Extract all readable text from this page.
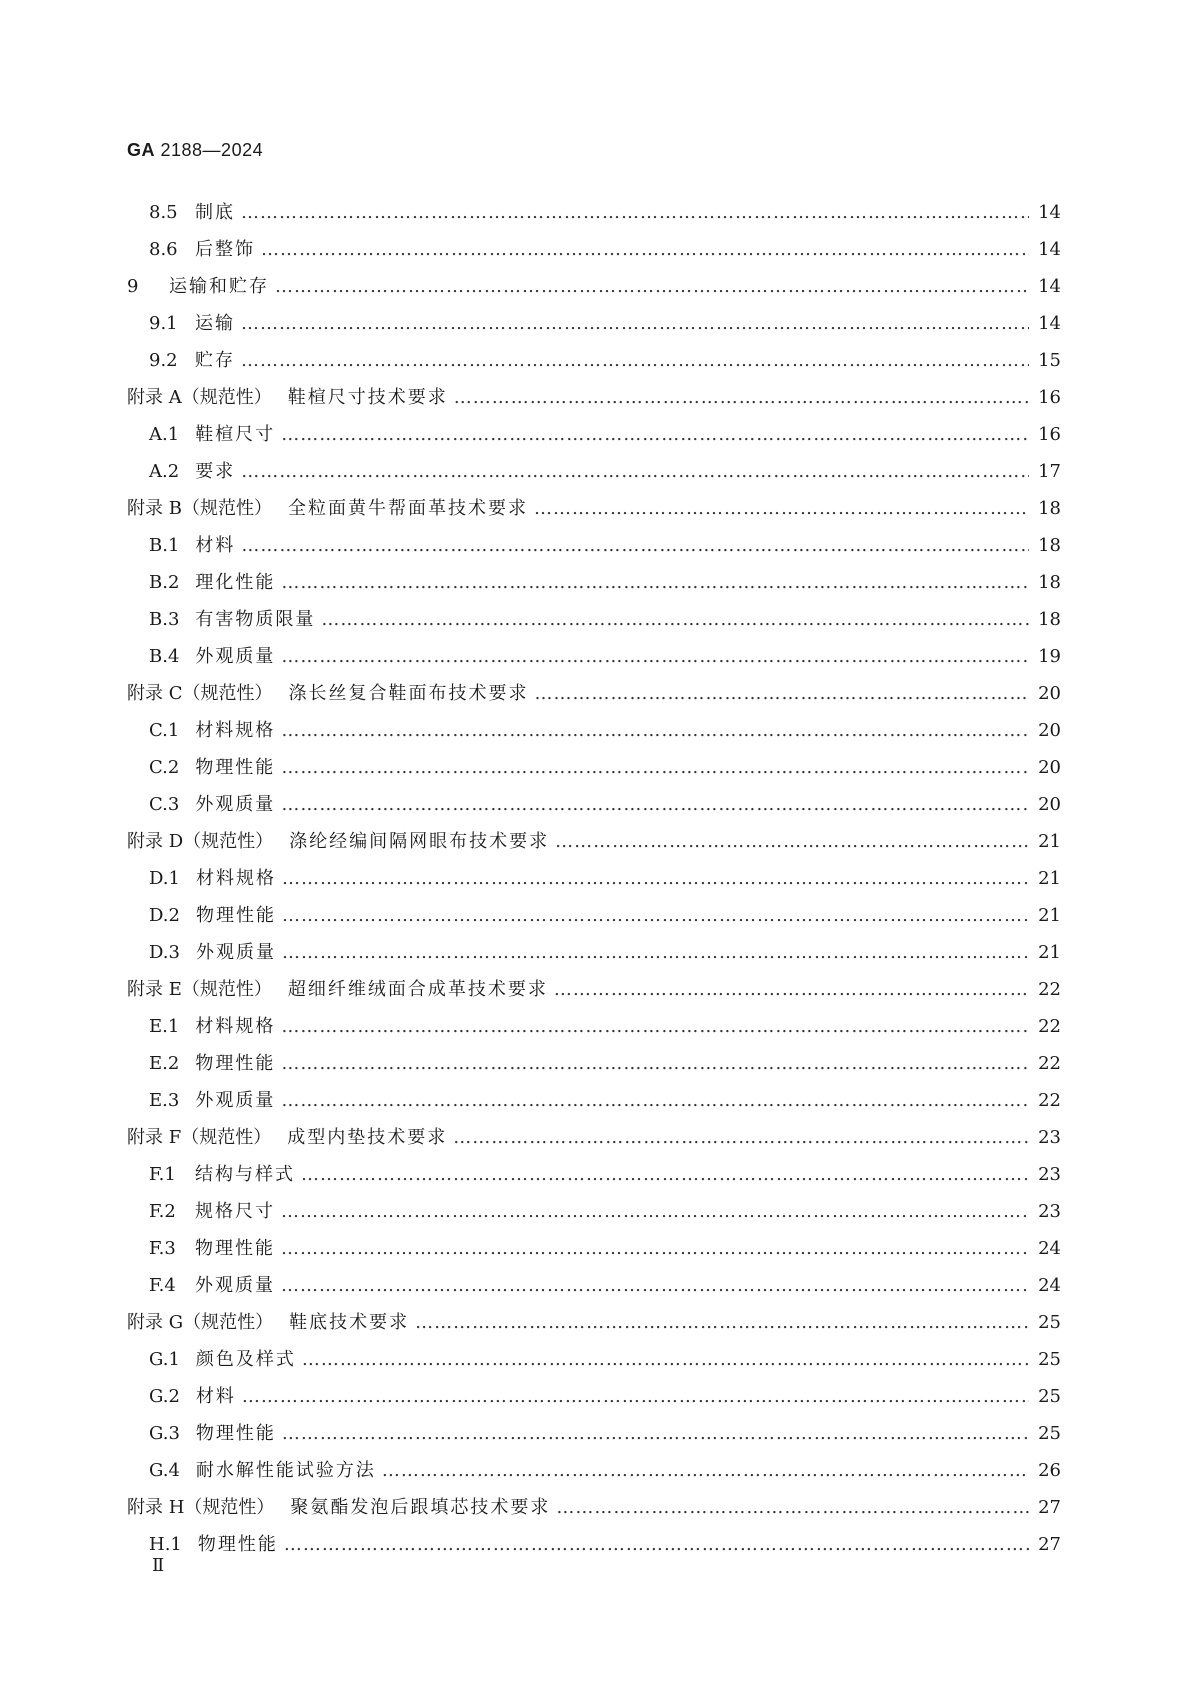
GA 2188—2024
8.5 制底 ……………………………………………………………………………………………………………………………………………………………………………………………………	14
8.6 后整饰 ……………………………………………………………………………………………………………………………………………………………………………………………………	14
9	运输和贮存 ……………………………………………………………………………………………………………………………………………………………………………………………………	14
9.1 运输 ……………………………………………………………………………………………………………………………………………………………………………………………………	14
9.2 贮存 ……………………………………………………………………………………………………………………………………………………………………………………………………	15
附录 A（规范性） 鞋楦尺寸技术要求 ……………………………………………………………………………………………………………………………………………………………………………………………………	16
A.1 鞋楦尺寸 ……………………………………………………………………………………………………………………………………………………………………………………………………	16
A.2 要求 ……………………………………………………………………………………………………………………………………………………………………………………………………	17
附录 B（规范性） 全粒面黄牛帮面革技术要求 ……………………………………………………………………………………………………………………………………………………………………………………………………	18
B.1 材料 ……………………………………………………………………………………………………………………………………………………………………………………………………	18
B.2 理化性能 ……………………………………………………………………………………………………………………………………………………………………………………………………	18
B.3 有害物质限量 ……………………………………………………………………………………………………………………………………………………………………………………………………	18
B.4 外观质量 ……………………………………………………………………………………………………………………………………………………………………………………………………	19
附录 C（规范性） 涤长丝复合鞋面布技术要求 ……………………………………………………………………………………………………………………………………………………………………………………………………	20
C.1 材料规格 ……………………………………………………………………………………………………………………………………………………………………………………………………	20
C.2 物理性能 ……………………………………………………………………………………………………………………………………………………………………………………………………	20
C.3 外观质量 ……………………………………………………………………………………………………………………………………………………………………………………………………	20
附录 D（规范性） 涤纶经编间隔网眼布技术要求 ……………………………………………………………………………………………………………………………………………………………………………………………………	21
D.1 材料规格 ……………………………………………………………………………………………………………………………………………………………………………………………………	21
D.2 物理性能 ……………………………………………………………………………………………………………………………………………………………………………………………………	21
D.3 外观质量 ……………………………………………………………………………………………………………………………………………………………………………………………………	21
附录 E（规范性） 超细纤维绒面合成革技术要求 ……………………………………………………………………………………………………………………………………………………………………………………………………	22
E.1 材料规格 ……………………………………………………………………………………………………………………………………………………………………………………………………	22
E.2 物理性能 ……………………………………………………………………………………………………………………………………………………………………………………………………	22
E.3 外观质量 ……………………………………………………………………………………………………………………………………………………………………………………………………	22
附录 F（规范性） 成型内垫技术要求 ……………………………………………………………………………………………………………………………………………………………………………………………………	23
F.1 结构与样式 ……………………………………………………………………………………………………………………………………………………………………………………………………	23
F.2 规格尺寸 ……………………………………………………………………………………………………………………………………………………………………………………………………	23
F.3 物理性能 ……………………………………………………………………………………………………………………………………………………………………………………………………	24
F.4 外观质量 ……………………………………………………………………………………………………………………………………………………………………………………………………	24
附录 G（规范性） 鞋底技术要求 ……………………………………………………………………………………………………………………………………………………………………………………………………	25
G.1 颜色及样式 ……………………………………………………………………………………………………………………………………………………………………………………………………	25
G.2 材料 ……………………………………………………………………………………………………………………………………………………………………………………………………	25
G.3 物理性能 ……………………………………………………………………………………………………………………………………………………………………………………………………	25
G.4 耐水解性能试验方法 ……………………………………………………………………………………………………………………………………………………………………………………………………	26
附录 H（规范性） 聚氨酯发泡后跟填芯技术要求 ……………………………………………………………………………………………………………………………………………………………………………………………………	27
H.1 物理性能 ……………………………………………………………………………………………………………………………………………………………………………………………………	27
Ⅱ
